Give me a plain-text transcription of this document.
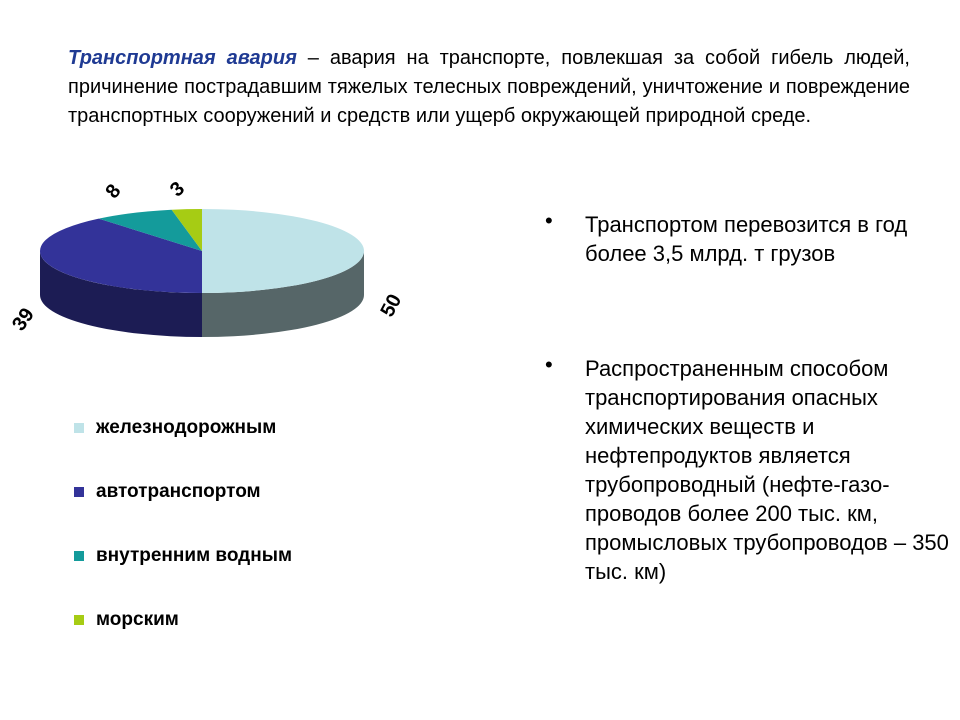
Транспортная авария – авария на транспорте, повлекшая за собой гибель людей, причинение пострадавшим тяжелых телесных повреждений, уничтожение и повреждение транспортных сооружений и средств или ущерб окружающей природной среде.

50
39
8 3
железнодорожным
автотранспортом
внутренним водным
морским
• Транспортом перевозится в год более 3,5 млрд. т грузов
• Распространенным способом транспортирования опасных химических веществ и нефтепродуктов является трубопроводный (нефте-газо-проводов более 200 тыс. км, промысловых трубопроводов – 350 тыс. км)
